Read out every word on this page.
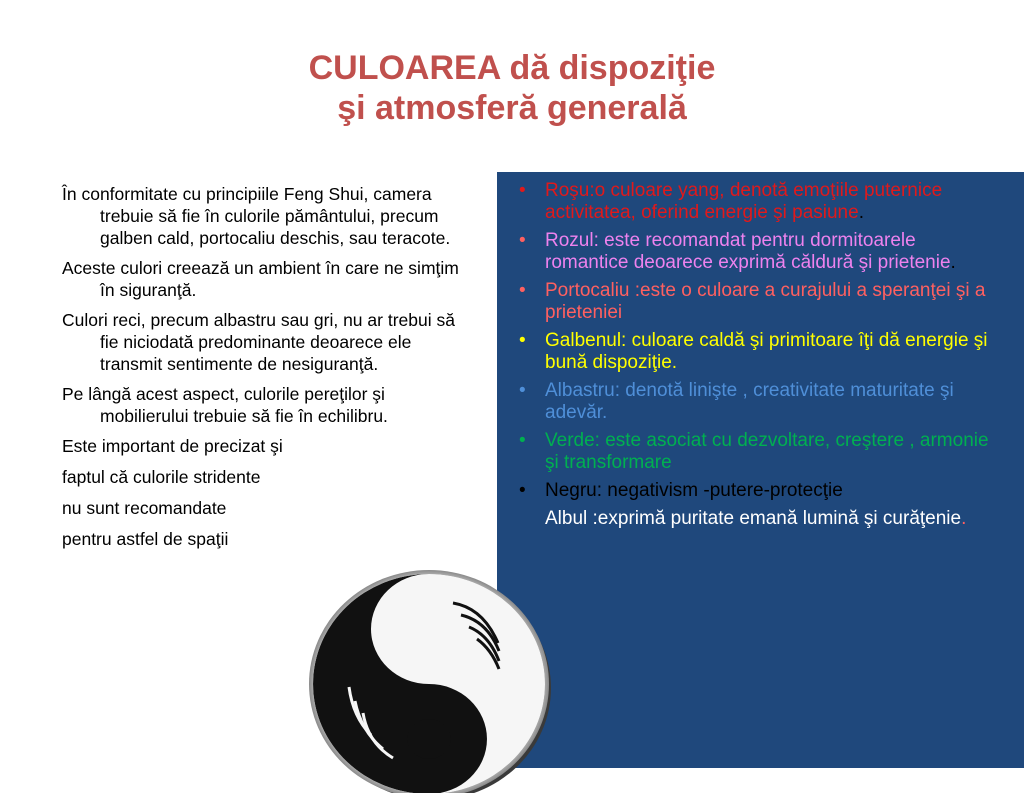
CULOAREA dă dispoziţie
şi atmosferă generală

În conformitate cu principiile Feng Shui, camera trebuie să fie în culorile pământului, precum galben cald, portocaliu deschis, sau teracote.

Aceste culori creează un ambient în care ne simţim în siguranţă.

Culori reci, precum albastru sau gri, nu ar trebui să fie niciodată predominante deoarece ele transmit sentimente de nesiguranţă.

Pe lângă acest aspect, culorile pereţilor şi mobilierului trebuie să fie în echilibru.

Este important de precizat şi

faptul că culorile stridente

nu sunt recomandate

pentru astfel de spaţii

• Roşu:o culoare yang, denotă emoţiile puternice activitatea, oferind energie şi pasiune.
• Rozul: este recomandat pentru dormitoarele romantice deoarece exprimă căldură şi prietenie.
• Portocaliu :este o culoare a curajului a speranţei şi a prieteniei
• Galbenul: culoare caldă şi primitoare îţi dă energie şi bună dispoziţie.
• Albastru: denotă linişte , creativitate maturitate şi adevăr.
• Verde: este asociat cu dezvoltare, creştere , armonie şi transformare
• Negru: negativism -putere-protecţie
Albul :exprimă puritate emană lumină şi curăţenie.
